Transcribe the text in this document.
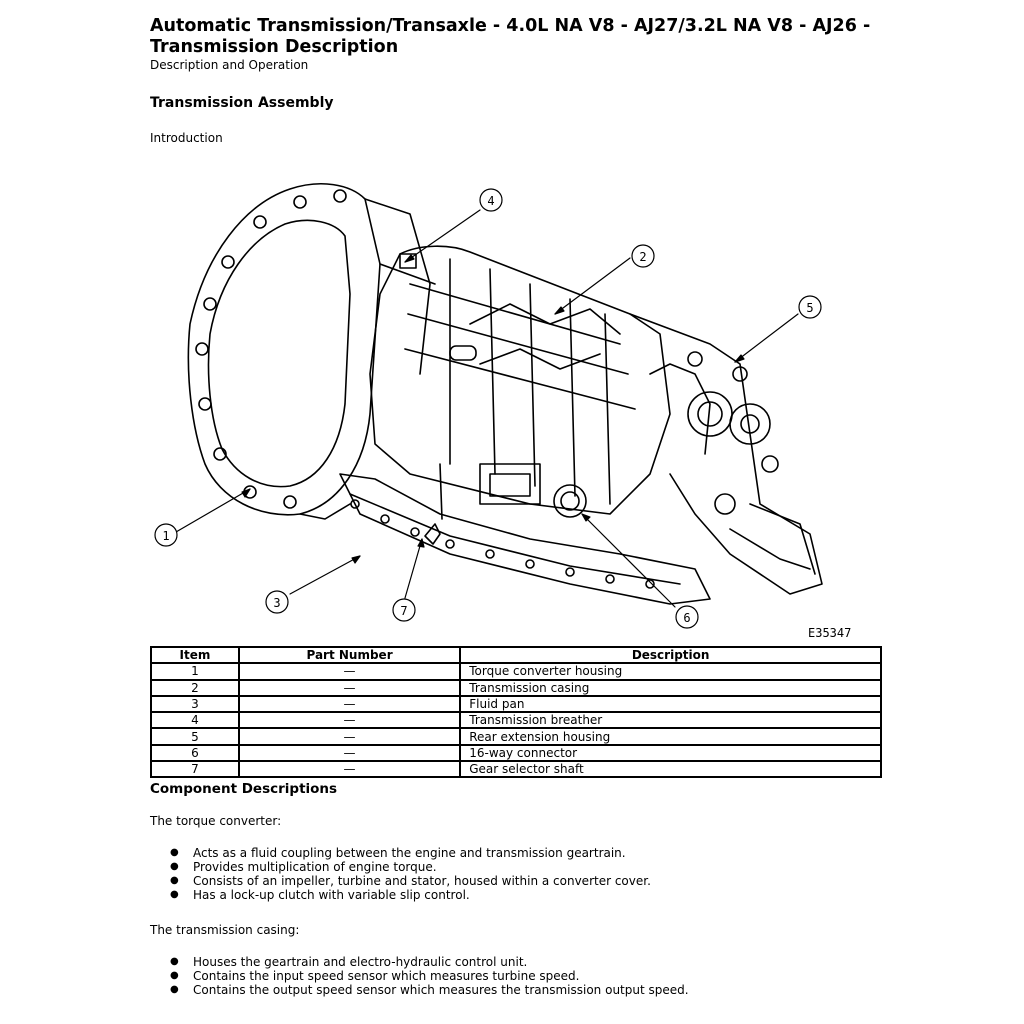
Automatic Transmission/Transaxle - 4.0L NA V8 - AJ27/3.2L NA V8 - AJ26 - Transmission Description
Description and Operation
Transmission Assembly
Introduction
1
2
3
4
5
6
7
E35347
Item	Part Number	Description
1	—	Torque converter housing
2	—	Transmission casing
3	—	Fluid pan
4	—	Transmission breather
5	—	Rear extension housing
6	—	16-way connector
7	—	Gear selector shaft
Component Descriptions

The torque converter:

● Acts as a fluid coupling between the engine and transmission geartrain.
● Provides multiplication of engine torque.
● Consists of an impeller, turbine and stator, housed within a converter cover.
● Has a lock-up clutch with variable slip control.

The transmission casing:

● Houses the geartrain and electro-hydraulic control unit.
● Contains the input speed sensor which measures turbine speed.
● Contains the output speed sensor which measures the transmission output speed.
